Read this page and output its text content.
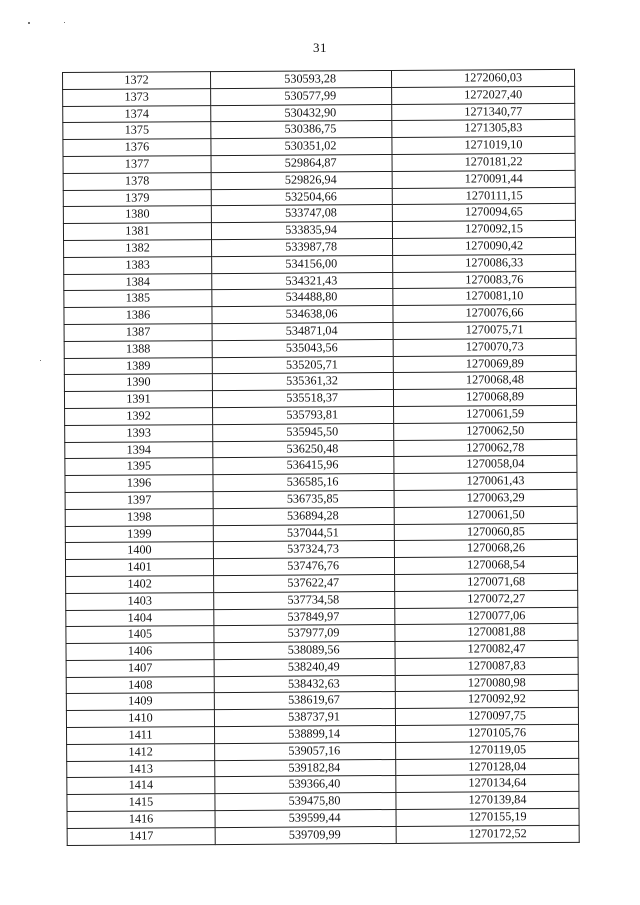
31
1372	530593,28	1272060,03
1373	530577,99	1272027,40
1374	530432,90	1271340,77
1375	530386,75	1271305,83
1376	530351,02	1271019,10
1377	529864,87	1270181,22
1378	529826,94	1270091,44
1379	532504,66	1270111,15
1380	533747,08	1270094,65
1381	533835,94	1270092,15
1382	533987,78	1270090,42
1383	534156,00	1270086,33
1384	534321,43	1270083,76
1385	534488,80	1270081,10
1386	534638,06	1270076,66
1387	534871,04	1270075,71
1388	535043,56	1270070,73
1389	535205,71	1270069,89
1390	535361,32	1270068,48
1391	535518,37	1270068,89
1392	535793,81	1270061,59
1393	535945,50	1270062,50
1394	536250,48	1270062,78
1395	536415,96	1270058,04
1396	536585,16	1270061,43
1397	536735,85	1270063,29
1398	536894,28	1270061,50
1399	537044,51	1270060,85
1400	537324,73	1270068,26
1401	537476,76	1270068,54
1402	537622,47	1270071,68
1403	537734,58	1270072,27
1404	537849,97	1270077,06
1405	537977,09	1270081,88
1406	538089,56	1270082,47
1407	538240,49	1270087,83
1408	538432,63	1270080,98
1409	538619,67	1270092,92
1410	538737,91	1270097,75
1411	538899,14	1270105,76
1412	539057,16	1270119,05
1413	539182,84	1270128,04
1414	539366,40	1270134,64
1415	539475,80	1270139,84
1416	539599,44	1270155,19
1417	539709,99	1270172,52
